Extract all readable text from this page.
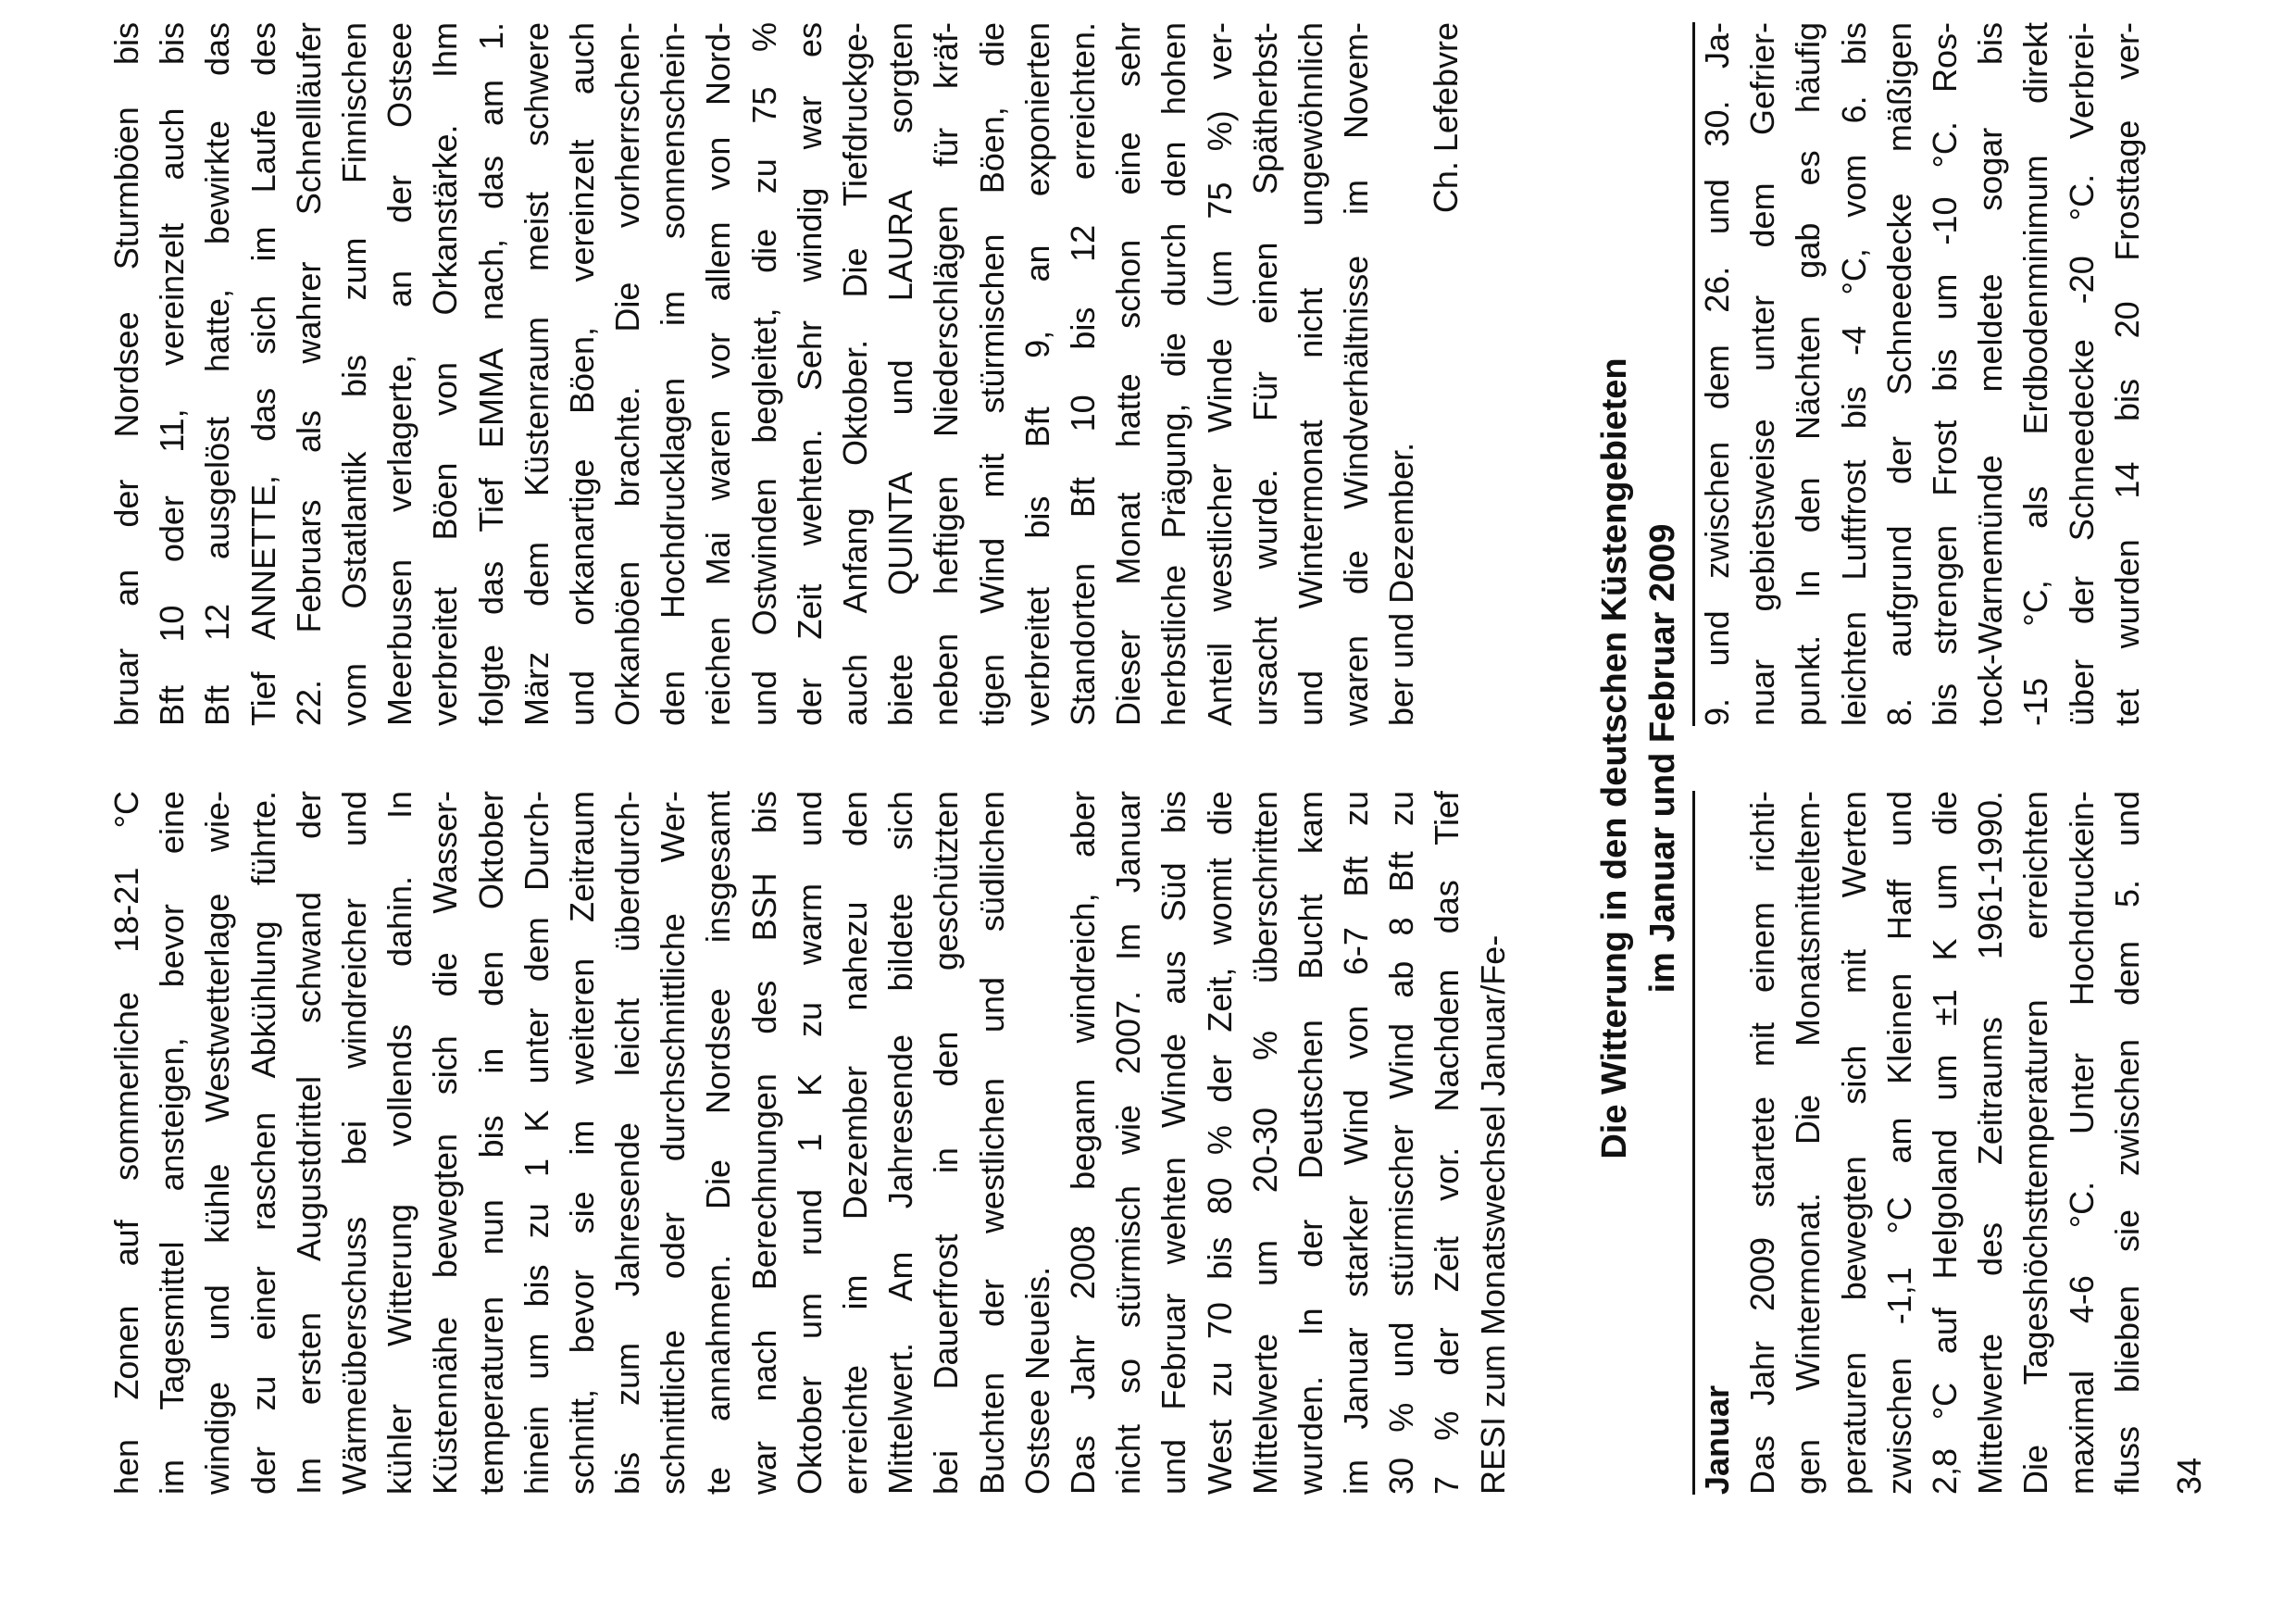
hen Zonen auf sommerliche 18-21 °C im Tagesmittel ansteigen, bevor eine windige und kühle Westwetterlage wie- der zu einer raschen Abkühlung führte. Im ersten Augustdrittel schwand der Wärmeüberschuss bei windreicher und kühler Witterung vollends dahin. In Küstennähe bewegten sich die Wasser- temperaturen nun bis in den Oktober hinein um bis zu 1 K unter dem Durch- schnitt, bevor sie im weiteren Zeitraum bis zum Jahresende leicht überdurch- schnittliche oder durchschnittliche Wer- te annahmen. Die Nordsee insgesamt war nach Berechnungen des BSH bis Oktober um rund 1 K zu warm und erreichte im Dezember nahezu den Mittelwert. Am Jahresende bildete sich bei Dauerfrost in den geschützten Buchten der westlichen und südlichen Ostsee Neueis. Das Jahr 2008 begann windreich, aber nicht so stürmisch wie 2007. Im Januar und Februar wehten Winde aus Süd bis West zu 70 bis 80 % der Zeit, womit die Mittelwerte um 20-30 % überschritten wurden. In der Deutschen Bucht kam im Januar starker Wind von 6-7 Bft zu 30 % und stürmischer Wind ab 8 Bft zu 7 % der Zeit vor. Nachdem das Tief RESI zum Monatswechsel Januar/Fe-
bruar an der Nordsee Sturmböen bis Bft 10 oder 11, vereinzelt auch bis Bft 12 ausgelöst hatte, bewirkte das Tief ANNETTE, das sich im Laufe des 22. Februars als wahrer Schnellläufer vom Ostatlantik bis zum Finnischen Meerbusen verlagerte, an der Ostsee verbreitet Böen von Orkanstärke. Ihm folgte das Tief EMMA nach, das am 1. März dem Küstenraum meist schwere und orkanartige Böen, vereinzelt auch Orkanböen brachte. Die vorherrschen- den Hochdrucklagen im sonnenschein- reichen Mai waren vor allem von Nord- und Ostwinden begleitet, die zu 75 % der Zeit wehten. Sehr windig war es auch Anfang Oktober. Die Tiefdruckge- biete QUINTA und LAURA sorgten neben heftigen Niederschlägen für kräf- tigen Wind mit stürmischen Böen, die verbreitet bis Bft 9, an exponierten Standorten Bft 10 bis 12 erreichten. Dieser Monat hatte schon eine sehr herbstliche Prägung, die durch den hohen Anteil westlicher Winde (um 75 %) ver- ursacht wurde. Für einen Spätherbst- und Wintermonat nicht ungewöhnlich waren die Windverhältnisse im Novem- ber und Dezember.
Ch. Lefebvre
Die Witterung in den deutschen Küstengebieten im Januar und Februar 2009
Januar Das Jahr 2009 startete mit einem richti- gen Wintermonat. Die Monatsmitteltem- peraturen bewegten sich mit Werten zwischen -1,1 °C am Kleinen Haff und 2,8 °C auf Helgoland um ±1 K um die Mittelwerte des Zeitraums 1961-1990. Die Tageshöchsttemperaturen erreichten maximal 4-6 °C. Unter Hochdruckein- fluss blieben sie zwischen dem 5. und
9. und zwischen dem 26. und 30. Ja- nuar gebietsweise unter dem Gefrier- punkt. In den Nächten gab es häufig leichten Luftfrost bis -4 °C, vom 6. bis 8. aufgrund der Schneedecke mäßigen bis strengen Frost bis um -10 °C. Ros- tock-Warnemünde meldete sogar bis -15 °C, als Erdbodenminimum direkt über der Schneedecke -20 °C. Verbrei- tet wurden 14 bis 20 Frosttage ver-
34
